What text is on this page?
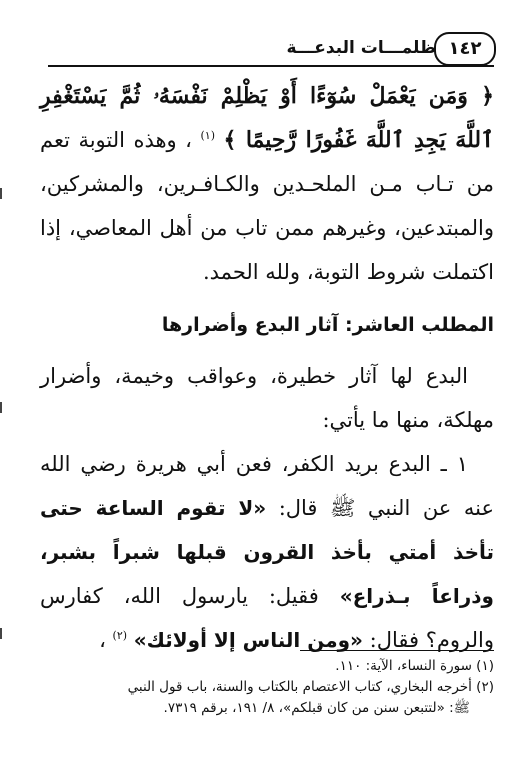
١٤٢
ظلمـــات البدعـــة

﴿ وَمَن يَعْمَلْ سُوٓءًا أَوْ يَظْلِمْ نَفْسَهُۥ ثُمَّ يَسْتَغْفِرِ ٱللَّهَ يَجِدِ ٱللَّهَ غَفُورًا رَّحِيمًا ﴾ $^{(١)}$ ، وهذه التوبة تعم من تـاب مـن الملحـدين والكـافـرين، والمشركين، والمبتدعين، وغيرهم ممن تاب من أهل المعاصي، إذا اكتملت شروط التوبة، ولله الحمد.

المطلب العاشر: آثار البدع وأضرارها

البدع لها آثار خطيرة، وعواقب وخيمة، وأضرار مهلكة، منها ما يأتي:

١ ـ البدع بريد الكفر، فعن أبي هريرة رضي الله عنه عن النبي ﷺ قال: «لا تقوم الساعة حتى تأخذ أمتي بأخذ القرون قبلها شبراً بشبر، وذراعاً بـذراع» فقيل: يارسول الله، كفارس والروم؟ فقال: «ومن الناس إلا أولائك» $^{(٢)}$ ،

(١) سورة النساء، الآية: ١١٠.

(٢) أخرجه البخاري، كتاب الاعتصام بالكتاب والسنة، باب قول النبي

ﷺ: «لتتبعن سنن من كان قبلكم»، ٨/ ١٩١، برقم ٧٣١٩.
